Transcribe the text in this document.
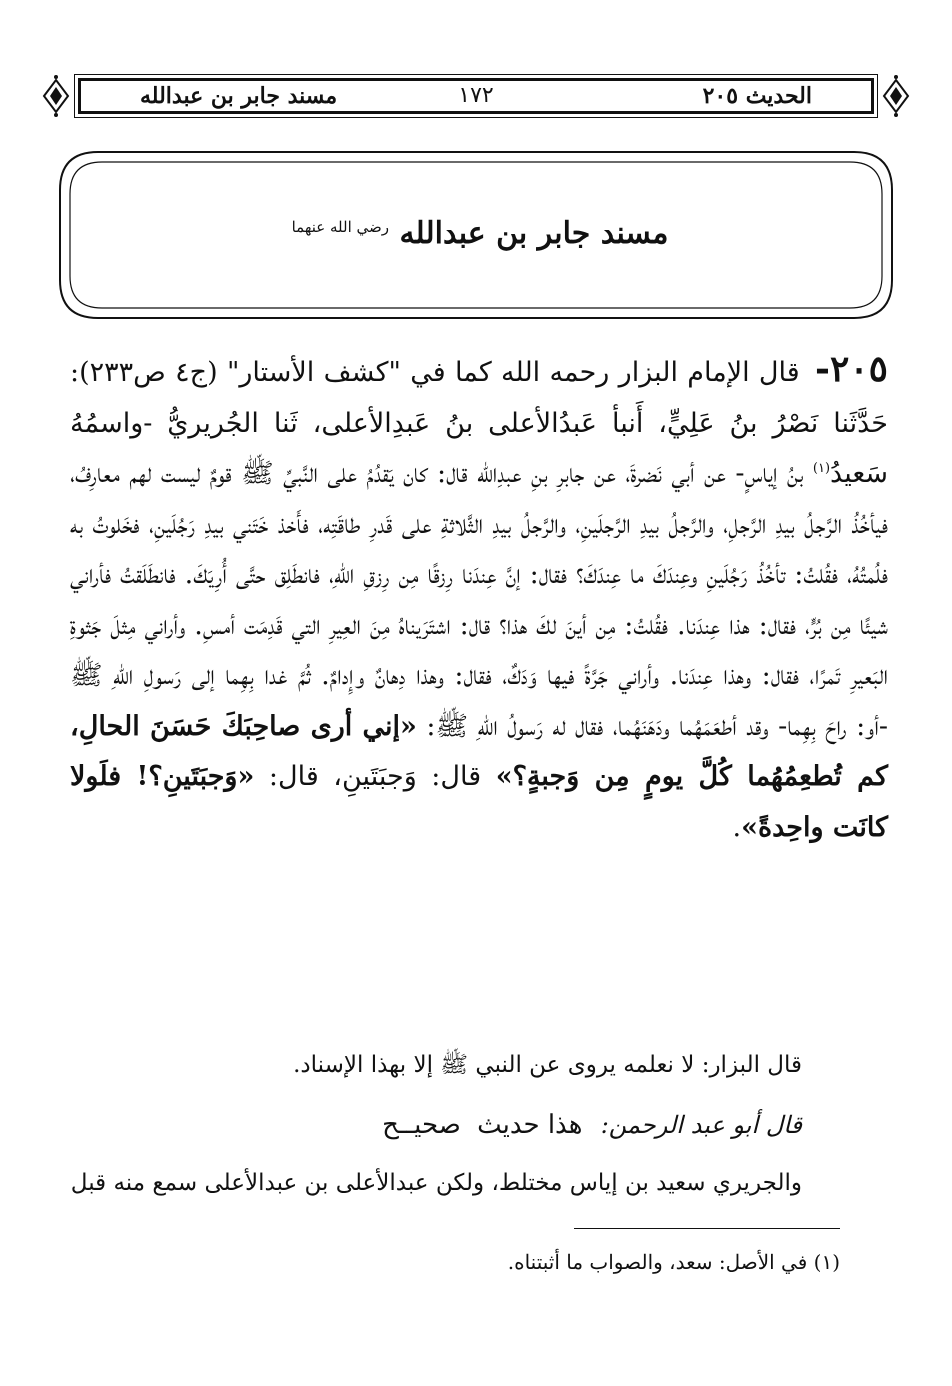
الحديث ٢٠٥
١٧٢
مسند جابر بن عبدالله
مسند جابر بن عبدالله $^{رضي الله عنهما}$
٢٠٥- قال الإمام البزار رحمه الله كما في "كشف الأستار" (ج٤ ص٢٣٣): حَدَّثَنا نَصْرُ بنُ عَلِيٍّ، أَنبأ عَبدُالأعلى بنُ عَبدِالأعلى، ثَنا الجُريريُّ -واسمُهُ سَعيدُ$^{(١)}$ بنُ إياسٍ- عن أبي نَضرةَ، عن جابرِ بنِ عبدِالله قال: كان يَقدُمُ على النَّبيِّ ﷺ قومٌ ليست لهم معارِفُ، فيأخُذُ الرَّجلُ بيدِ الرَّجلِ، والرَّجلُ بيدِ الرَّجلَينِ، والرَّجلُ بيدِ الثَّلاثةِ على قَدرِ طاقَتِه، فأَخذ خَتَني بيدِ رَجُلَينِ، فخَلوتُ به فلُمتُهُ، فقُلتُ: تأخُذُ رَجُلَينِ وعِندَكَ ما عِندَكَ؟ فقال: إنَّ عِندَنا رِزقًا مِن رِزقِ اللهِ، فانطَلِق حتَّى أُرِيَكَ. فانطَلَقتُ فأراني شيئًا مِن بُرٍّ، فقال: هذا عِندَنا. فقُلتُ: مِن أينَ لكَ هذا؟ قال: اشتَرَيناهُ مِنَ العِيرِ التي قَدِمَت أمسِ. وأراني مِثلَ جَثوةِ البَعيرِ تَمرًا، فقال: وهذا عِندَنا. وأراني جَرَّةً فيها وَدَكٌ، فقال: وهذا دِهانٌ وإِدامٌ. ثُمَّ غدا بِهِما إلى رَسولِ اللهِ ﷺ -أو: راحَ بِهِما- وقد أطعَمَهُما ودَهَنَهُما، فقال له رَسولُ اللهِ ﷺ: «إني أرى صاحِبَكَ حَسَنَ الحالِ، كم تُطعِمُهُما كُلَّ يومٍ مِن وَجبةٍ؟» قال: وَجبَتَينِ، قال: «وَجبَتَينِ؟! فلَولا كانَت واحِدةً».
قال البزار: لا نعلمه يروى عن النبي ﷺ إلا بهذا الإسناد.
قال أبو عبد الرحمن: هذا حديث صحيــح
والجريري سعيد بن إياس مختلط، ولكن عبدالأعلى بن عبدالأعلى سمع منه قبل
(١) في الأصل: سعد، والصواب ما أثبتناه.
